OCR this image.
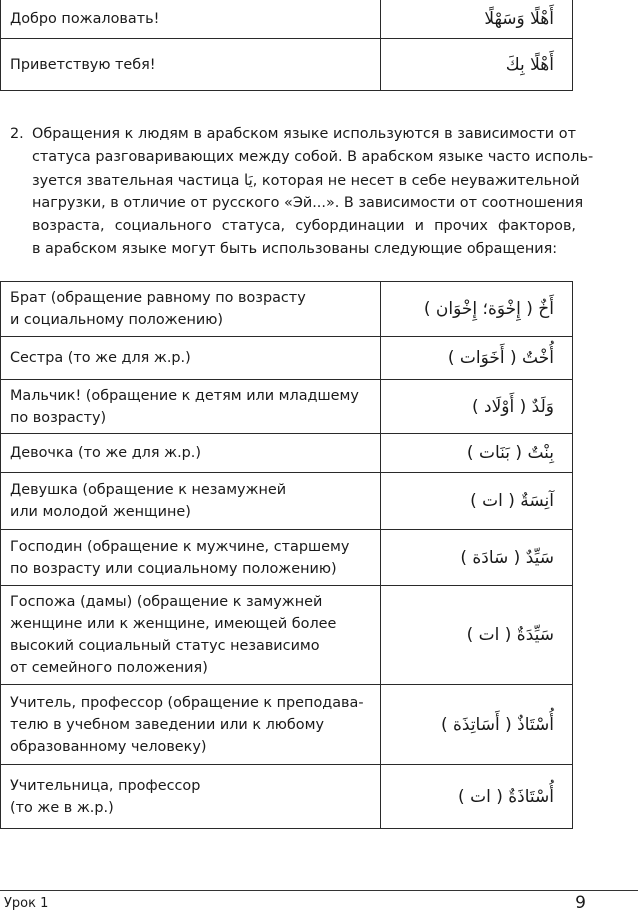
Добро пожаловать!	أَهْلًا وَسَهْلًا
Приветствую тебя!	أَهْلًا بِكَ
2. Обращения к людям в арабском языке используются в зависимости от
статуса разговаривающих между собой. В арабском языке часто исполь-
зуется звательная частица يَا, которая не несет в себе неуважительной
нагрузки, в отличие от русского «Эй...». В зависимости от соотношения
возраста, социального статуса, субординации и прочих факторов,
в арабском языке могут быть использованы следующие обращения:
Брат (обращение равному по возрасту
и социальному положению)	أَخٌ ( إِخْوَة؛ إِخْوَان )

Сестра (то же для ж.р.)	أُخْتٌ ( أَخَوَات )

Мальчик! (обращение к детям или младшему
по возрасту)	وَلَدٌ ( أَوْلَاد )

Девочка (то же для ж.р.)	بِنْتٌ ( بَنَات )

Девушка (обращение к незамужней
или молодой женщине)	آنِسَةٌ ( ات )

Господин (обращение к мужчине, старшему
по возрасту или социальному положению)	سَيِّدٌ ( سَادَة )

Госпожа (дамы) (обращение к замужней
женщине или к женщине, имеющей более
высокий социальный статус независимо
от семейного положения)	سَيِّدَةٌ ( ات )

Учитель, профессор (обращение к преподава-
телю в учебном заведении или к любому
образованному человеку)	أُسْتَاذٌ ( أَسَاتِذَة )

Учительница, профессор
(то же в ж.р.)	أُسْتَاذَةٌ ( ات )
Урок 1	9
